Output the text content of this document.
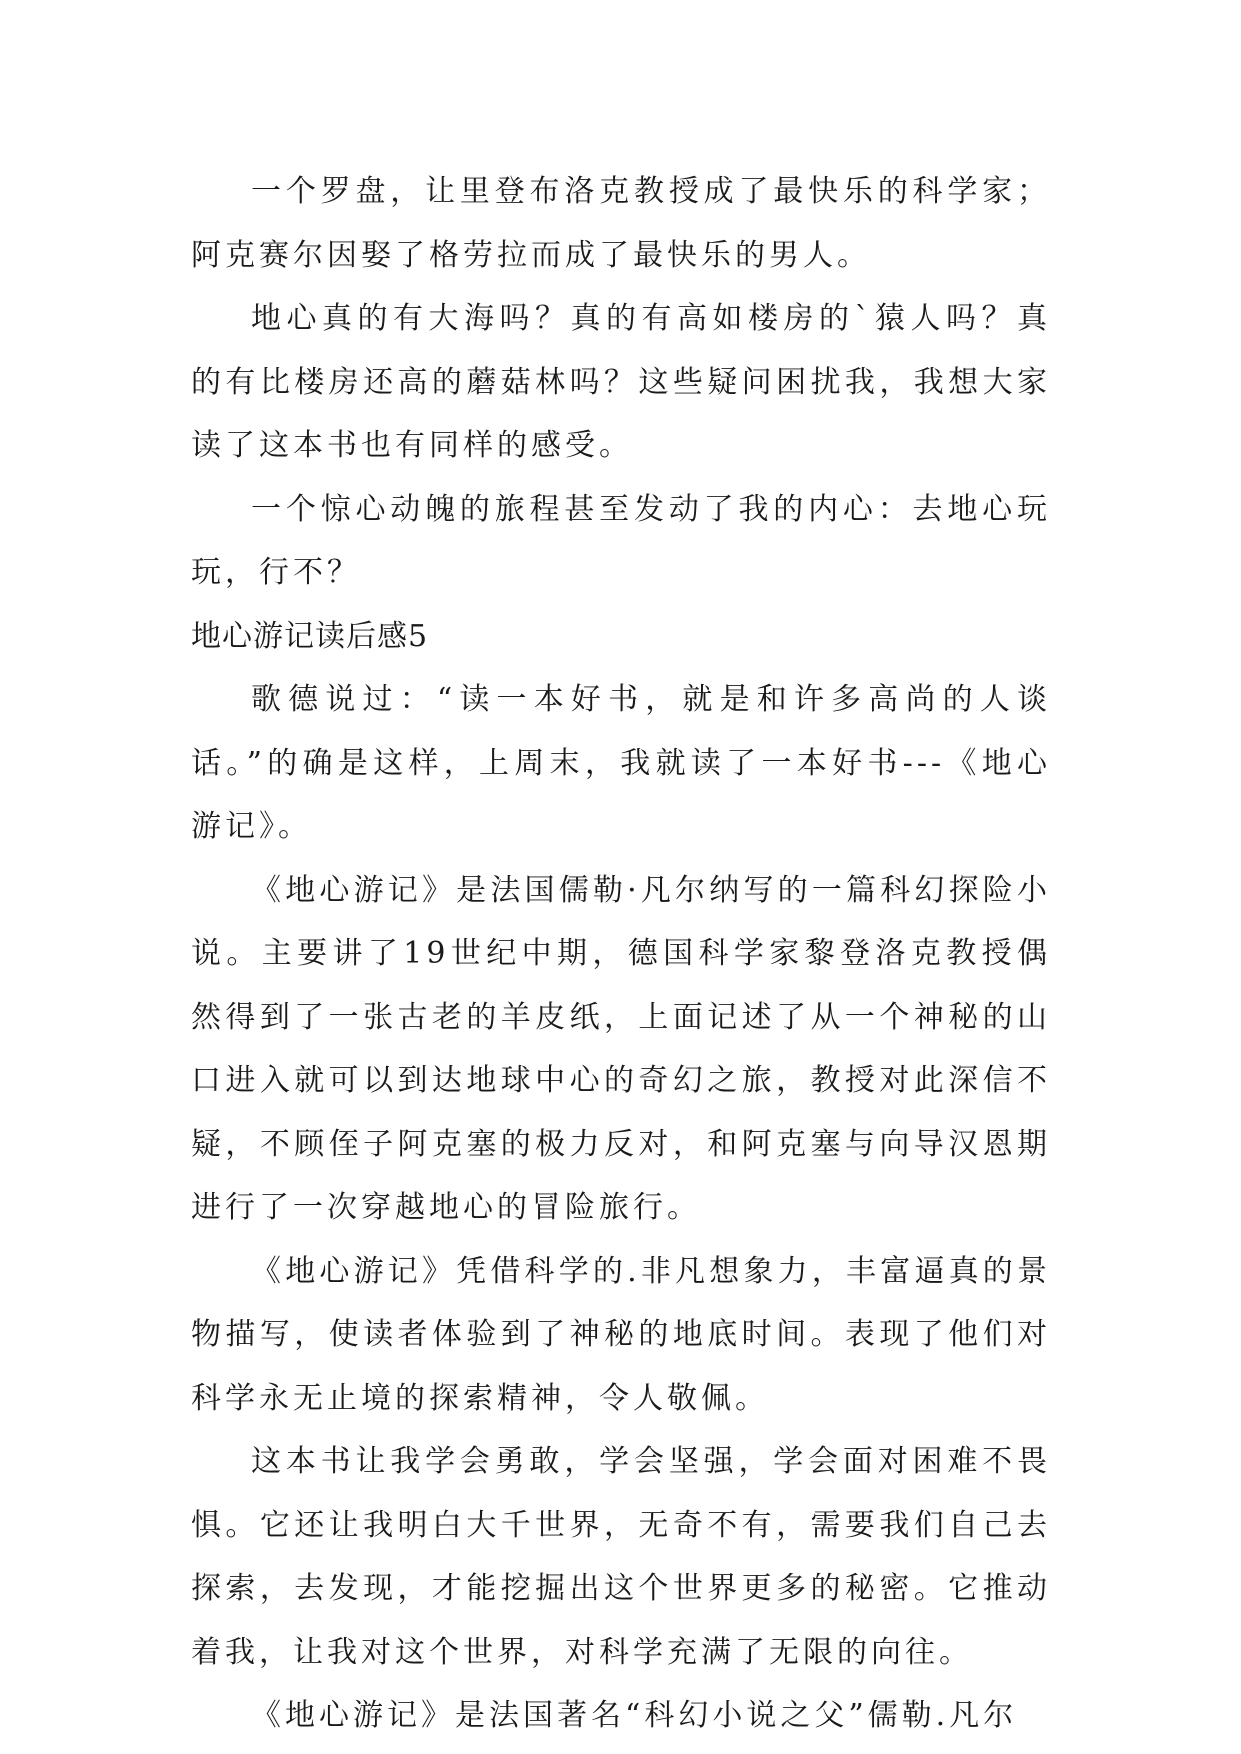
一个罗盘，让里登布洛克教授成了最快乐的科学家；阿克赛尔因娶了格劳拉而成了最快乐的男人。

地心真的有大海吗？真的有高如楼房的`猿人吗？真的有比楼房还高的蘑菇林吗？这些疑问困扰我，我想大家读了这本书也有同样的感受。

一个惊心动魄的旅程甚至发动了我的内心：去地心玩玩，行不？

地心游记读后感5

歌德说过：“读一本好书，就是和许多高尚的人谈话。”的确是这样，上周末，我就读了一本好书---《地心游记》。

《地心游记》是法国儒勒·凡尔纳写的一篇科幻探险小说。主要讲了19世纪中期，德国科学家黎登洛克教授偶然得到了一张古老的羊皮纸，上面记述了从一个神秘的山口进入就可以到达地球中心的奇幻之旅，教授对此深信不疑，不顾侄子阿克塞的极力反对，和阿克塞与向导汉恩期进行了一次穿越地心的冒险旅行。

《地心游记》凭借科学的.非凡想象力，丰富逼真的景物描写，使读者体验到了神秘的地底时间。表现了他们对科学永无止境的探索精神，令人敬佩。

这本书让我学会勇敢，学会坚强，学会面对困难不畏惧。它还让我明白大千世界，无奇不有，需要我们自己去探索，去发现，才能挖掘出这个世界更多的秘密。它推动着我，让我对这个世界，对科学充满了无限的向往。

《地心游记》是法国著名“科幻小说之父”儒勒.凡尔
